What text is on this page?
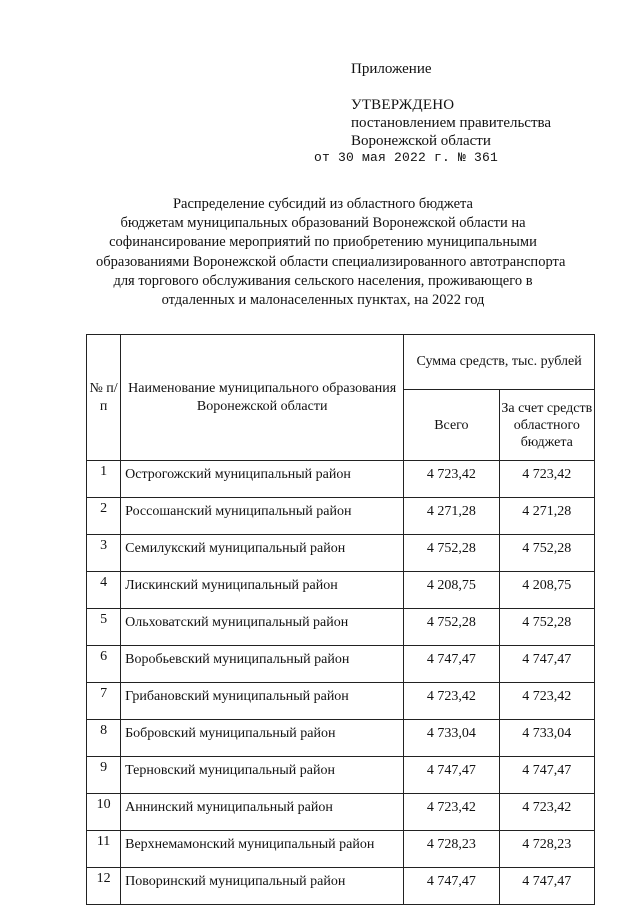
Приложение
УТВЕРЖДЕНО
постановлением правительства
Воронежской области
от 30 мая 2022 г. № 361
Распределение субсидий из областного бюджета
бюджетам муниципальных образований Воронежской области на
софинансирование мероприятий по приобретению муниципальными
образованиями Воронежской области специализированного автотранспорта
для торгового обслуживания сельского населения, проживающего в
отдаленных и малонаселенных пунктах, на 2022 год
№ п/п	Наименование муниципального образования Воронежской области	Сумма средств, тыс. рублей	
		Всего	За счет средств областного бюджета
1	Острогожский муниципальный район	4 723,42	4 723,42
2	Россошанский муниципальный район	4 271,28	4 271,28
3	Семилукский муниципальный район	4 752,28	4 752,28
4	Лискинский муниципальный район	4 208,75	4 208,75
5	Ольховатский муниципальный район	4 752,28	4 752,28
6	Воробьевский муниципальный район	4 747,47	4 747,47
7	Грибановский муниципальный район	4 723,42	4 723,42
8	Бобровский муниципальный район	4 733,04	4 733,04
9	Терновский муниципальный район	4 747,47	4 747,47
10	Аннинский муниципальный район	4 723,42	4 723,42
11	Верхнемамонский муниципальный район	4 728,23	4 728,23
12	Поворинский муниципальный район	4 747,47	4 747,47
